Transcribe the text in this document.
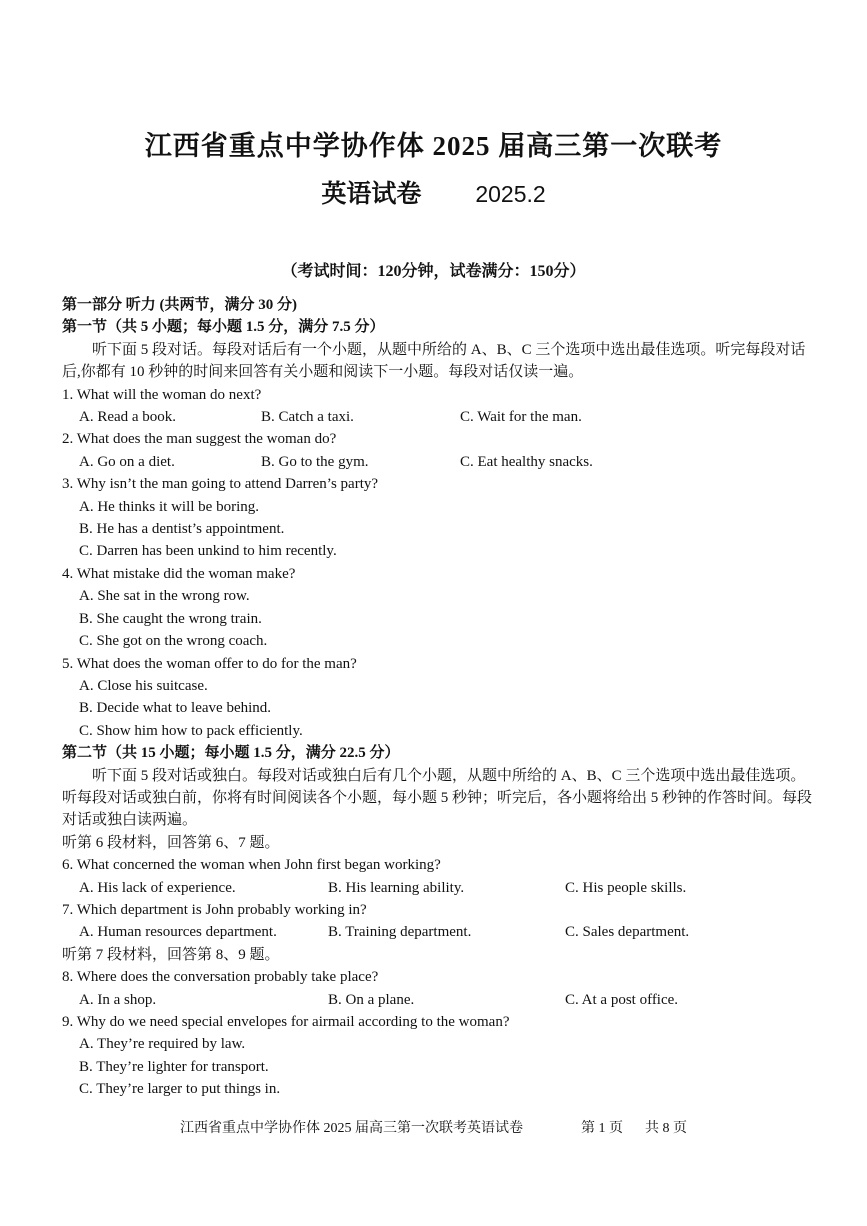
江西省重点中学协作体 2025 届高三第一次联考
英语试卷 2025.2
（考试时间：120分钟，试卷满分：150分）
第一部分 听力 (共两节，满分 30 分)
第一节（共 5 小题；每小题 1.5 分，满分 7.5 分）
听下面 5 段对话。每段对话后有一个小题，从题中所给的 A、B、C 三个选项中选出最佳选项。听完每段对话后,你都有 10 秒钟的时间来回答有关小题和阅读下一小题。每段对话仅读一遍。
1. What will the woman do next?
A. Read a book.	B. Catch a taxi.	C. Wait for the man.
2. What does the man suggest the woman do?
A. Go on a diet.	B. Go to the gym.	C. Eat healthy snacks.
3. Why isn’t the man going to attend Darren’s party?
A. He thinks it will be boring.
B. He has a dentist’s appointment.
C. Darren has been unkind to him recently.
4. What mistake did the woman make?
A. She sat in the wrong row.
B. She caught the wrong train.
C. She got on the wrong coach.
5. What does the woman offer to do for the man?
A. Close his suitcase.
B. Decide what to leave behind.
C. Show him how to pack efficiently.
第二节（共 15 小题；每小题 1.5 分，满分 22.5 分）
听下面 5 段对话或独白。每段对话或独白后有几个小题，从题中所给的 A、B、C 三个选项中选出最佳选项。听每段对话或独白前，你将有时间阅读各个小题，每小题 5 秒钟；听完后，各小题将给出 5 秒钟的作答时间。每段对话或独白读两遍。
听第 6 段材料，回答第 6、7 题。
6. What concerned the woman when John first began working?
A. His lack of experience.	B. His learning ability.	C. His people skills.
7. Which department is John probably working in?
A. Human resources department.	B. Training department.	C. Sales department.
听第 7 段材料，回答第 8、9 题。
8. Where does the conversation probably take place?
A. In a shop.	B. On a plane.	C. At a post office.
9. Why do we need special envelopes for airmail according to the woman?
A. They’re required by law.
B. They’re lighter for transport.
C. They’re larger to put things in.
江西省重点中学协作体 2025 届高三第一次联考英语试卷	第 1 页 共 8 页
